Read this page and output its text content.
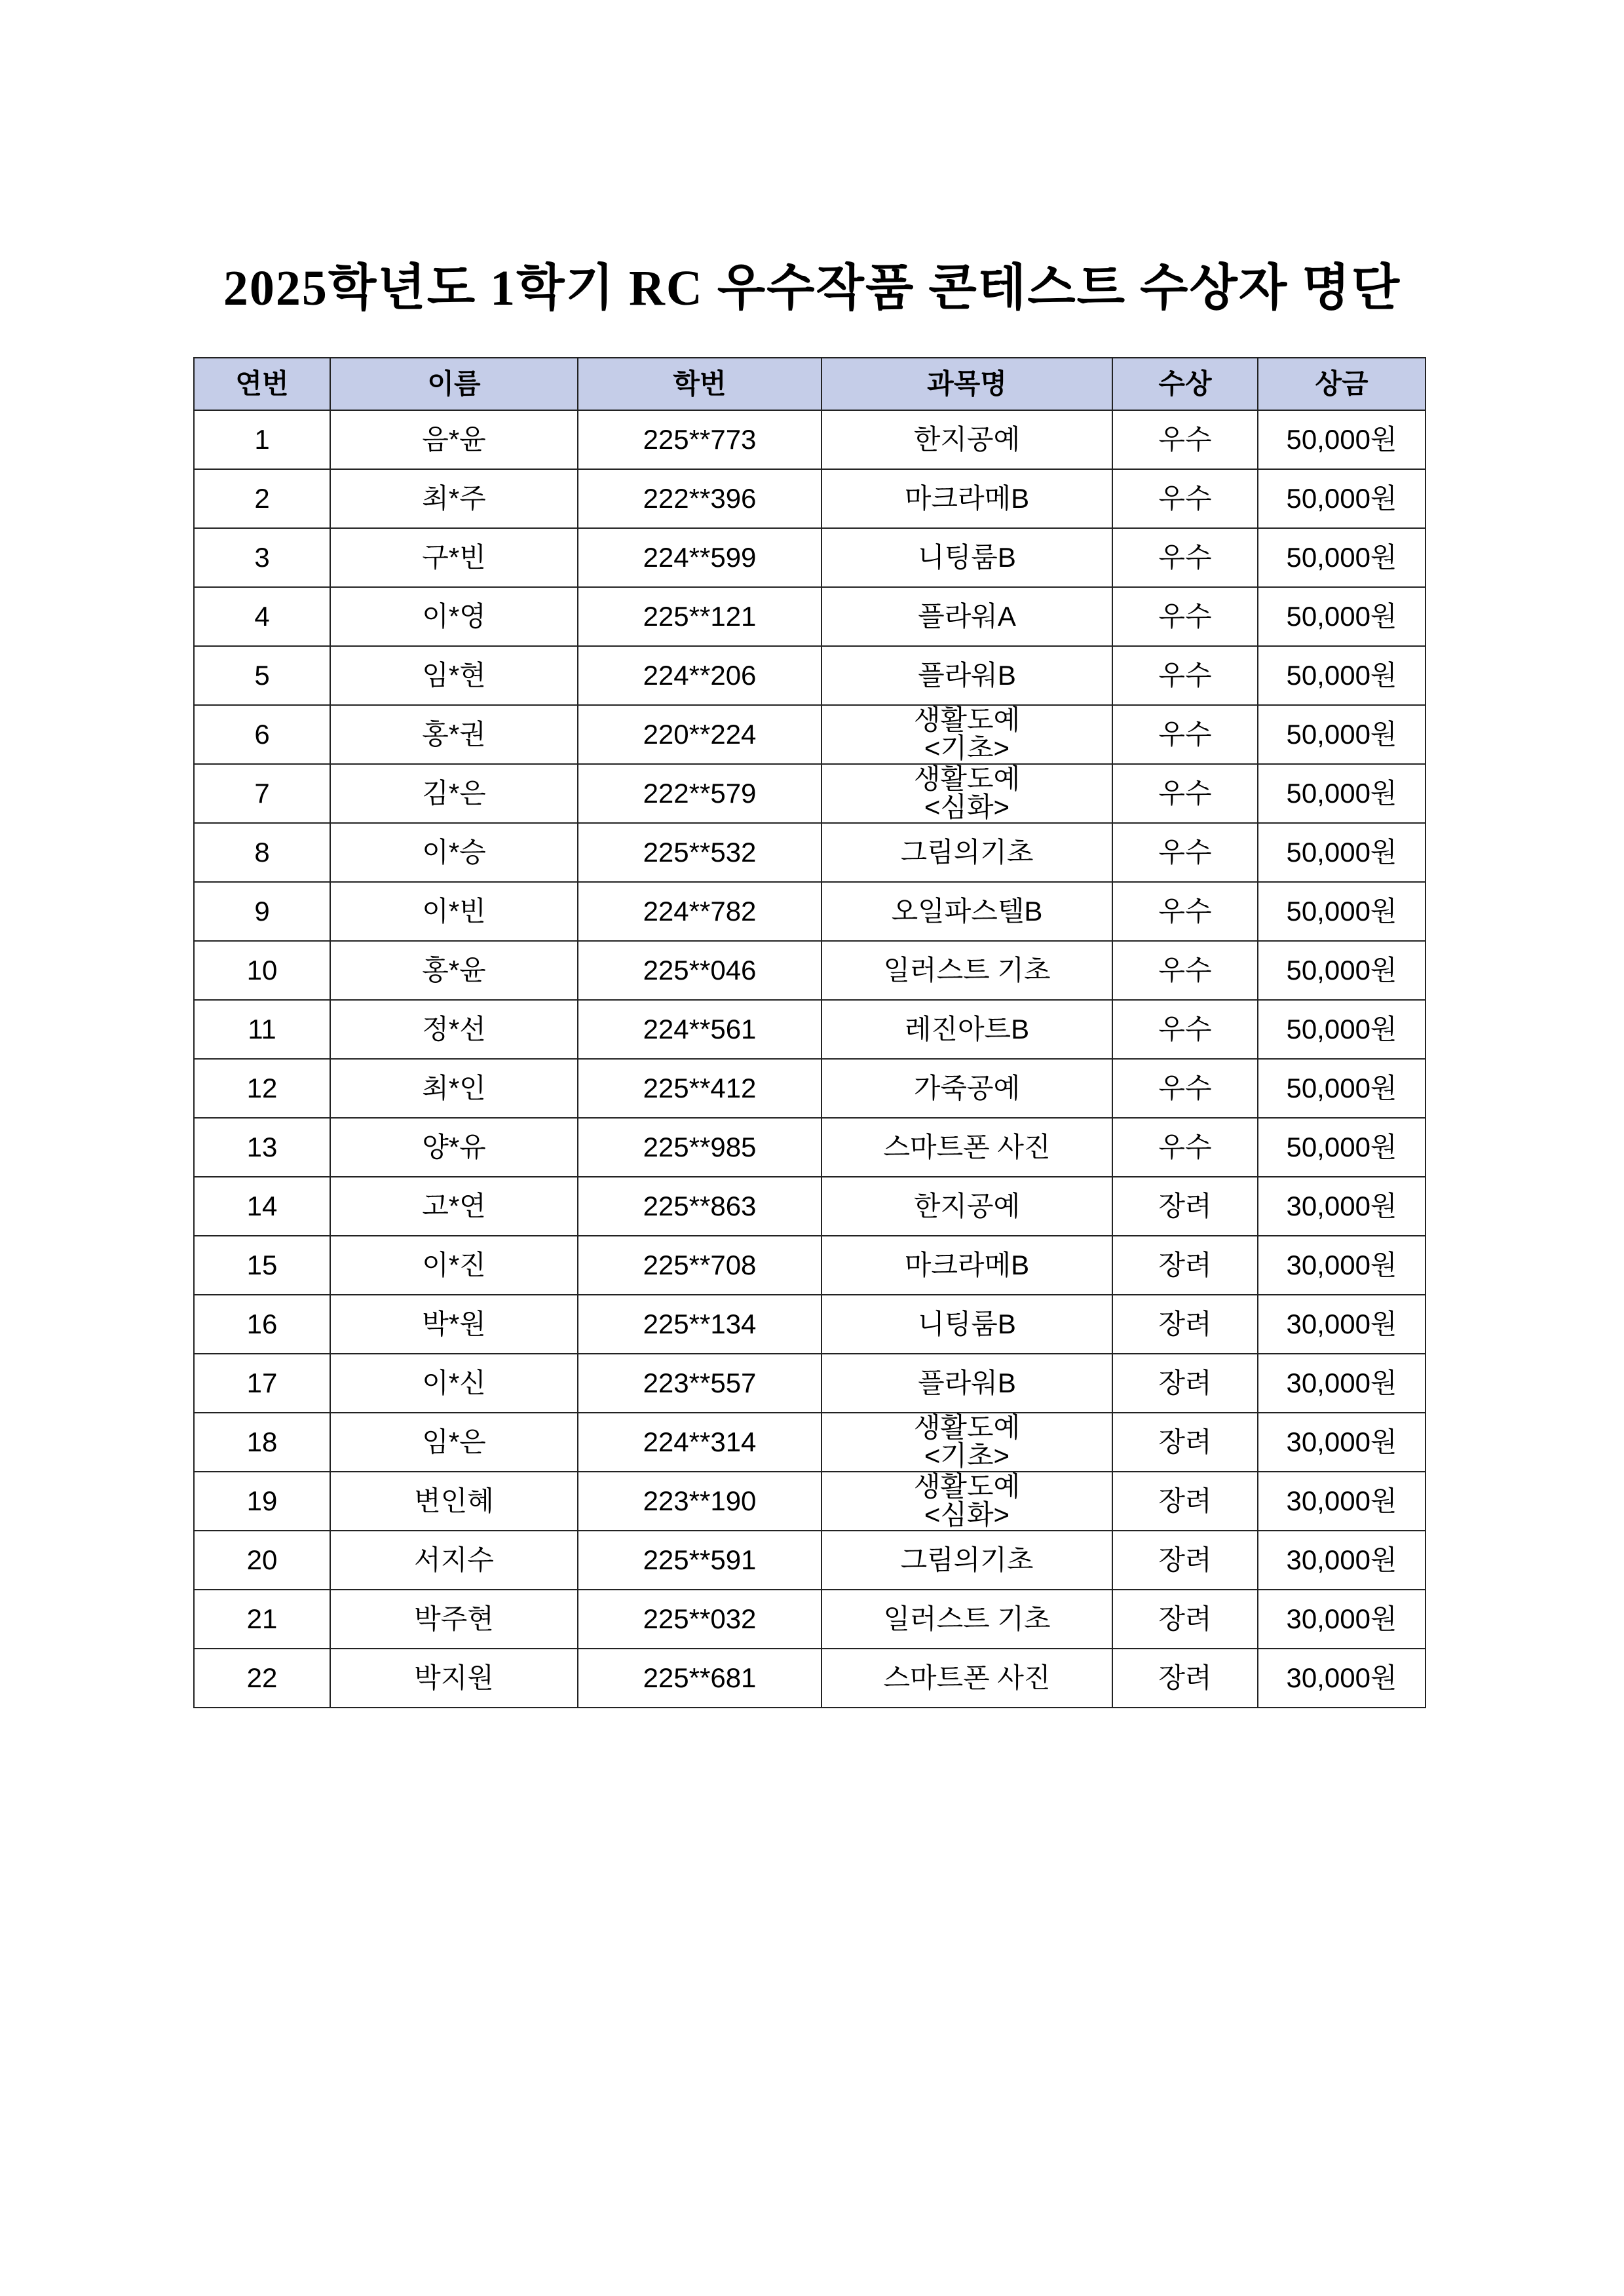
2025학년도 1학기 RC 우수작품 콘테스트 수상자 명단
연번	이름	학번	과목명	수상	상금
1	음*윤	225**773	한지공예	우수	50,000원
2	최*주	222**396	마크라메B	우수	50,000원
3	구*빈	224**599	니팅룸B	우수	50,000원
4	이*영	225**121	플라워A	우수	50,000원
5	임*현	224**206	플라워B	우수	50,000원
6	홍*권	220**224	생활도예
<기초>	우수	50,000원
7	김*은	222**579	생활도예
<심화>	우수	50,000원
8	이*승	225**532	그림의기초	우수	50,000원
9	이*빈	224**782	오일파스텔B	우수	50,000원
10	홍*윤	225**046	일러스트 기초	우수	50,000원
11	정*선	224**561	레진아트B	우수	50,000원
12	최*인	225**412	가죽공예	우수	50,000원
13	양*유	225**985	스마트폰 사진	우수	50,000원
14	고*연	225**863	한지공예	장려	30,000원
15	이*진	225**708	마크라메B	장려	30,000원
16	박*원	225**134	니팅룸B	장려	30,000원
17	이*신	223**557	플라워B	장려	30,000원
18	임*은	224**314	생활도예
<기초>	장려	30,000원
19	변인혜	223**190	생활도예
<심화>	장려	30,000원
20	서지수	225**591	그림의기초	장려	30,000원
21	박주현	225**032	일러스트 기초	장려	30,000원
22	박지원	225**681	스마트폰 사진	장려	30,000원
